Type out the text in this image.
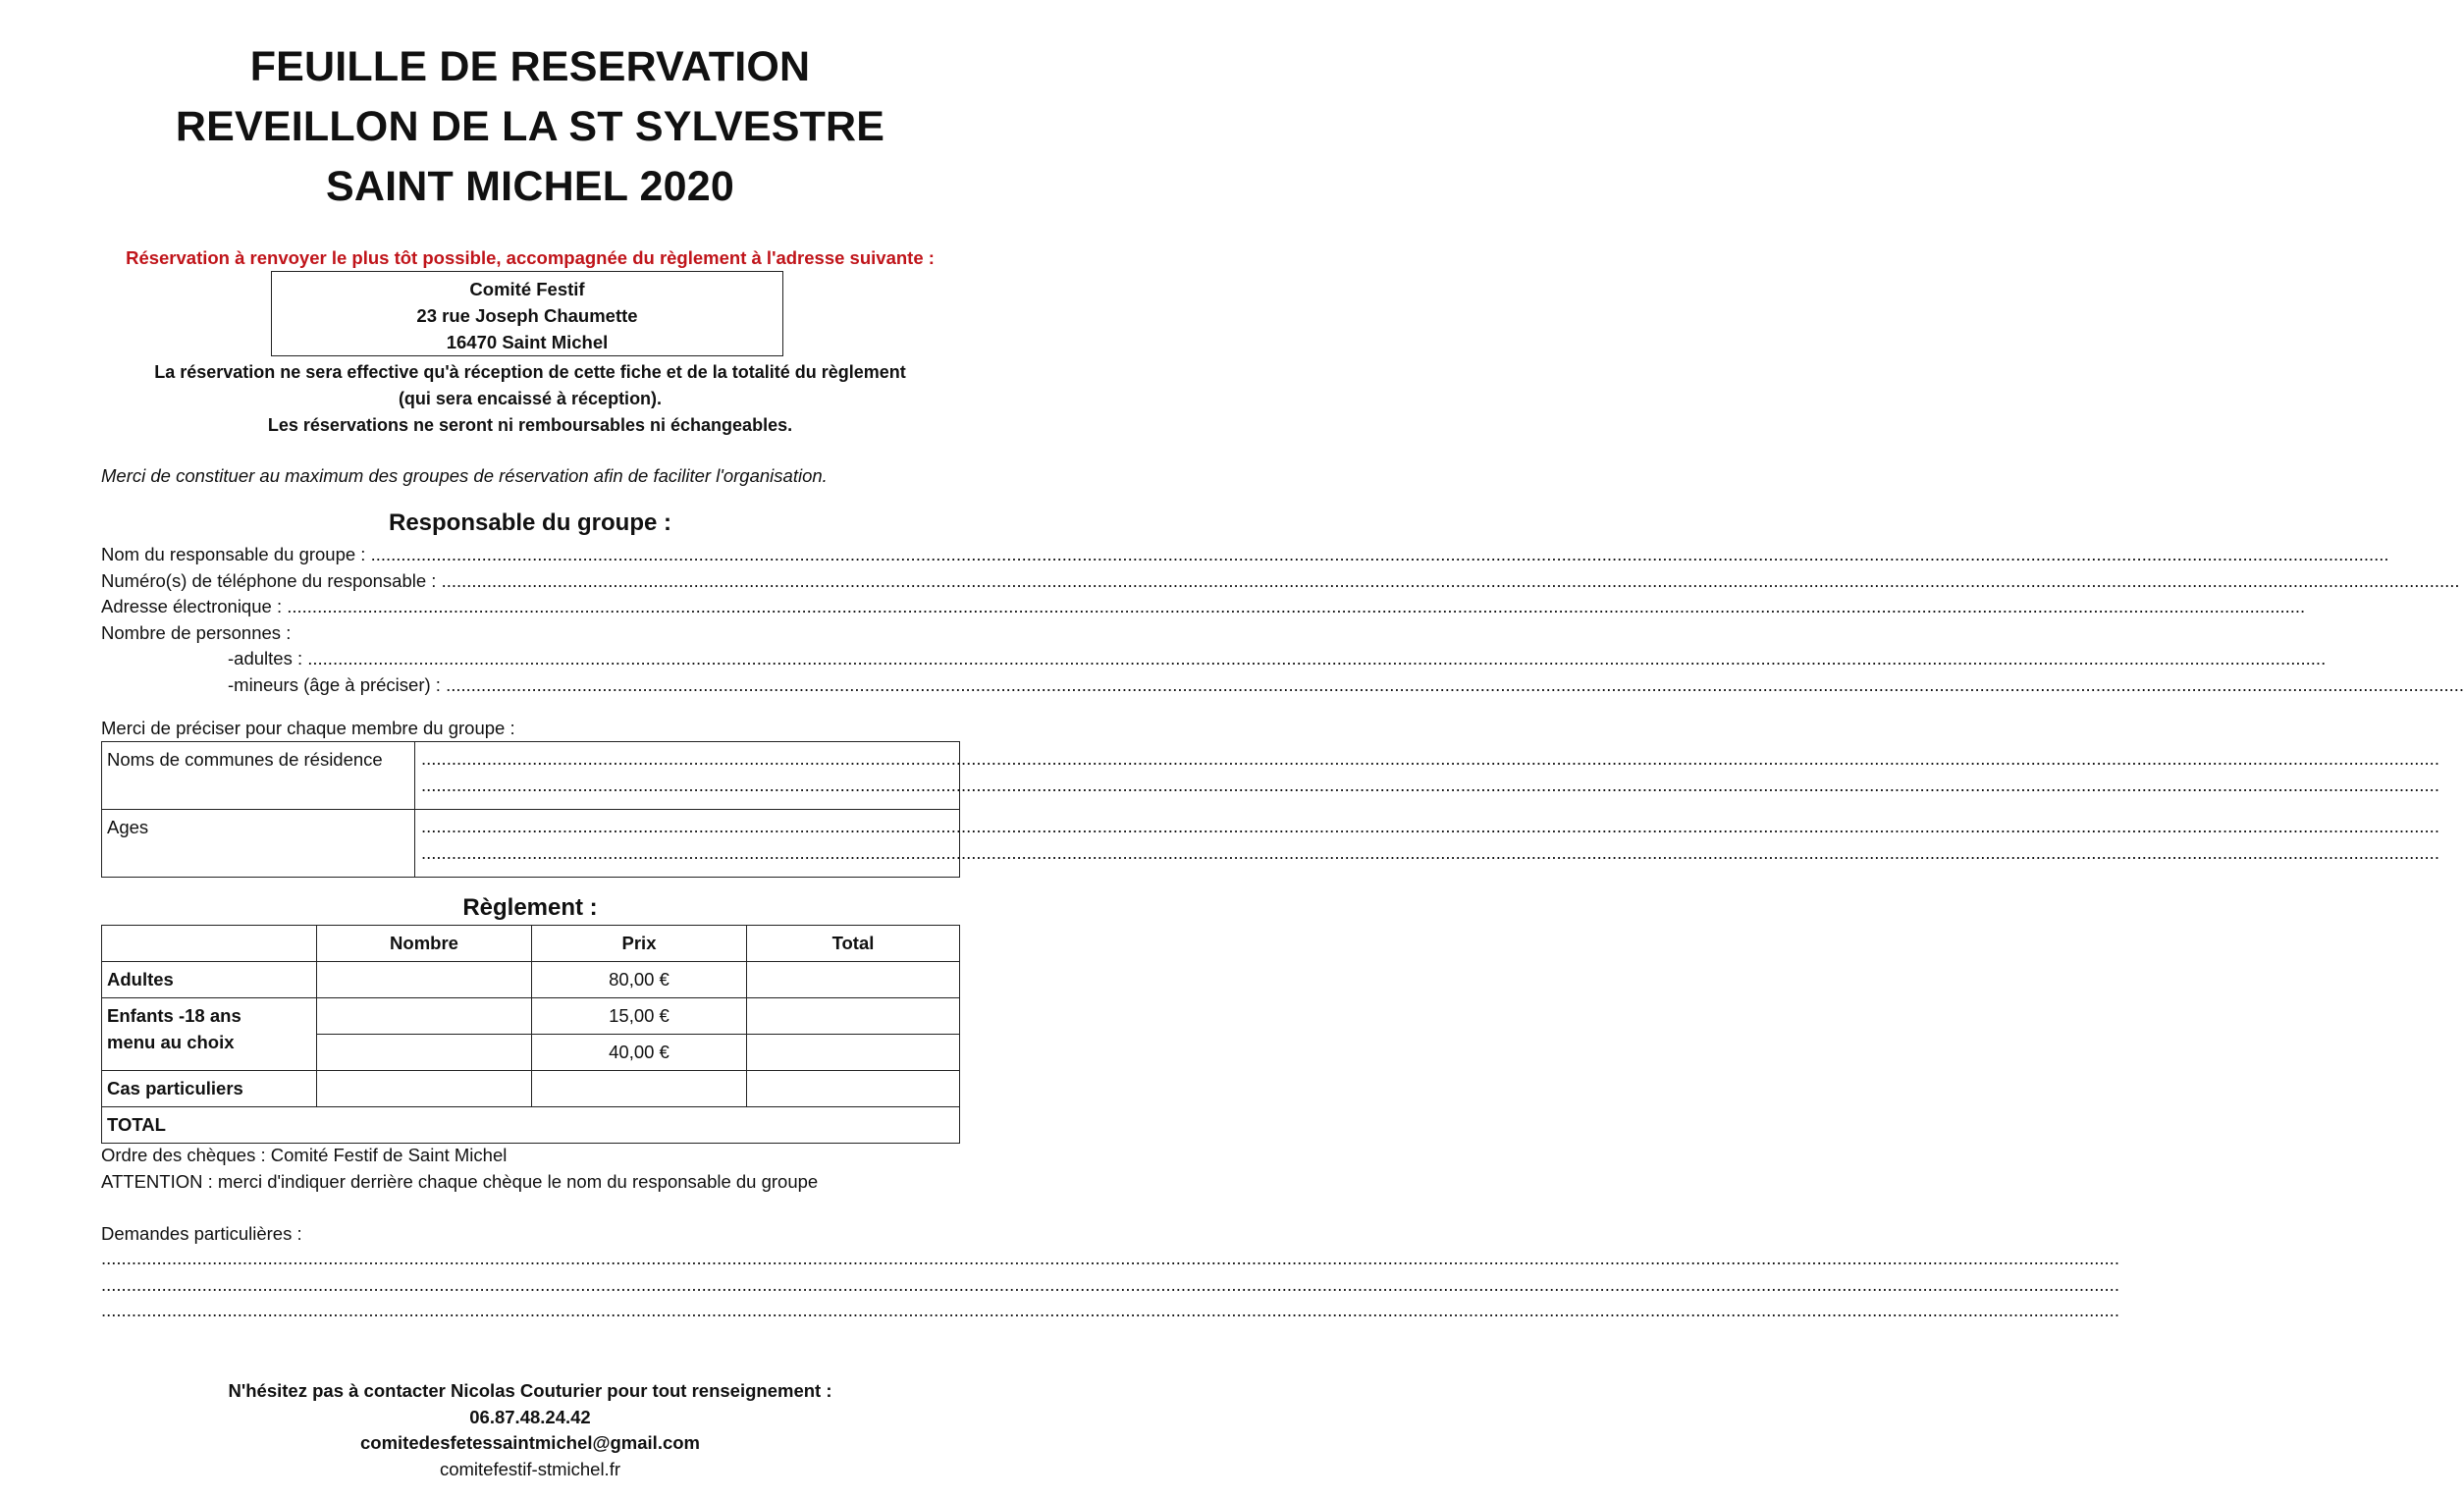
FEUILLE DE RESERVATION
REVEILLON DE LA ST SYLVESTRE
SAINT MICHEL 2020
Réservation à renvoyer le plus tôt possible, accompagnée du règlement à l'adresse suivante :
Comité Festif
23 rue Joseph Chaumette
16470 Saint Michel
La réservation ne sera effective qu'à réception de cette fiche et de la totalité du règlement
(qui sera encaissé à réception).
Les réservations ne seront ni remboursables ni échangeables.
Merci de constituer au maximum des groupes de réservation afin de faciliter l'organisation.
Responsable du groupe :
Nom du responsable du groupe : ................................................................................................................................................................................................................................................................................................................................................................................................................
Numéro(s) de téléphone du responsable : ................................................................................................................................................................................................................................................................................................................................................................................................................
Adresse électronique : ................................................................................................................................................................................................................................................................................................................................................................................................................
Nombre de personnes :
-adultes : ................................................................................................................................................................................................................................................................................................................................................................................................................
-mineurs (âge à préciser) : ................................................................................................................................................................................................................................................................................................................................................................................................................
Merci de préciser pour chaque membre du groupe :
Noms de communes de résidence	................................................................................................................................................................................................................................................................................................................................................................................................................
................................................................................................................................................................................................................................................................................................................................................................................................................

Ages	................................................................................................................................................................................................................................................................................................................................................................................................................
................................................................................................................................................................................................................................................................................................................................................................................................................
Règlement :
	Nombre	Prix	Total
Adultes		80,00 €	

Enfants -18 ans
menu au choix		15,00 €	
		40,00 €	
Cas particuliers			
TOTAL			
Ordre des chèques : Comité Festif de Saint Michel
ATTENTION : merci d'indiquer derrière chaque chèque le nom du responsable du groupe
Demandes particulières :
................................................................................................................................................................................................................................................................................................................................................................................................................
................................................................................................................................................................................................................................................................................................................................................................................................................
................................................................................................................................................................................................................................................................................................................................................................................................................
N'hésitez pas à contacter Nicolas Couturier pour tout renseignement :
06.87.48.24.42
comitedesfetessaintmichel@gmail.com
comitefestif-stmichel.fr
